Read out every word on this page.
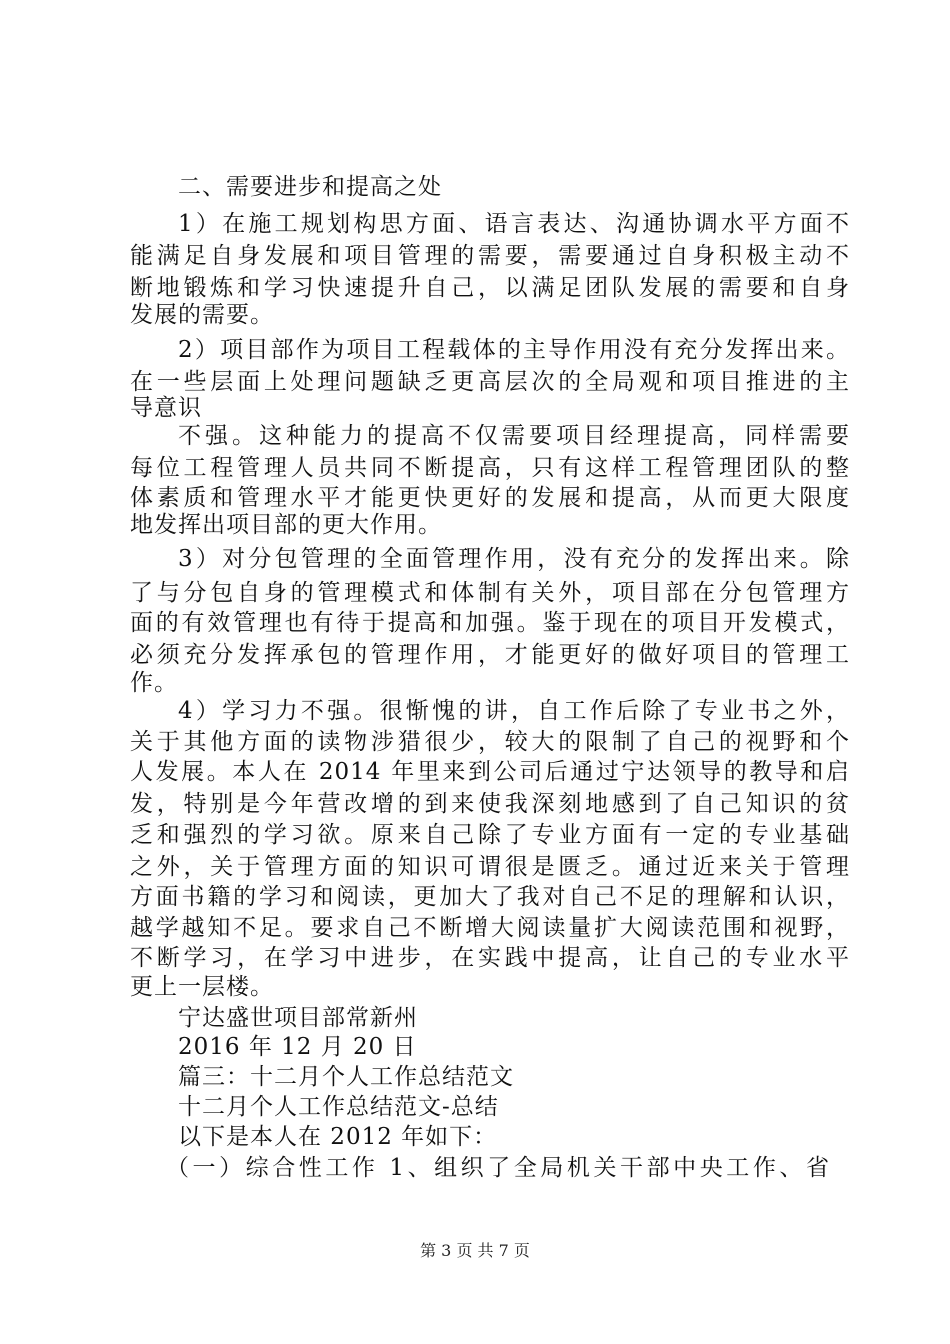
二、需要进步和提高之处
1）在施工规划构思方面、语言表达、沟通协调水平方面不
能满足自身发展和项目管理的需要，需要通过自身积极主动不
断地锻炼和学习快速提升自己，以满足团队发展的需要和自身
发展的需要。
2）项目部作为项目工程载体的主导作用没有充分发挥出来。
在一些层面上处理问题缺乏更高层次的全局观和项目推进的主
导意识
不强。这种能力的提高不仅需要项目经理提高，同样需要
每位工程管理人员共同不断提高，只有这样工程管理团队的整
体素质和管理水平才能更快更好的发展和提高，从而更大限度
地发挥出项目部的更大作用。
3）对分包管理的全面管理作用，没有充分的发挥出来。除
了与分包自身的管理模式和体制有关外，项目部在分包管理方
面的有效管理也有待于提高和加强。鉴于现在的项目开发模式，
必须充分发挥承包的管理作用，才能更好的做好项目的管理工
作。
4）学习力不强。很惭愧的讲，自工作后除了专业书之外，
关于其他方面的读物涉猎很少，较大的限制了自己的视野和个
人发展。本人在 2014 年里来到公司后通过宁达领导的教导和启
发，特别是今年营改增的到来使我深刻地感到了自己知识的贫
乏和强烈的学习欲。原来自己除了专业方面有一定的专业基础
之外，关于管理方面的知识可谓很是匮乏。通过近来关于管理
方面书籍的学习和阅读，更加大了我对自己不足的理解和认识，
越学越知不足。要求自己不断增大阅读量扩大阅读范围和视野，
不断学习，在学习中进步，在实践中提高，让自己的专业水平
更上一层楼。
宁达盛世项目部常新州
2016 年 12 月 20 日
篇三：十二月个人工作总结范文
十二月个人工作总结范文-总结
以下是本人在 2012 年如下：
（一）综合性工作 1、组织了全局机关干部中央工作、省
第 3 页 共 7 页
